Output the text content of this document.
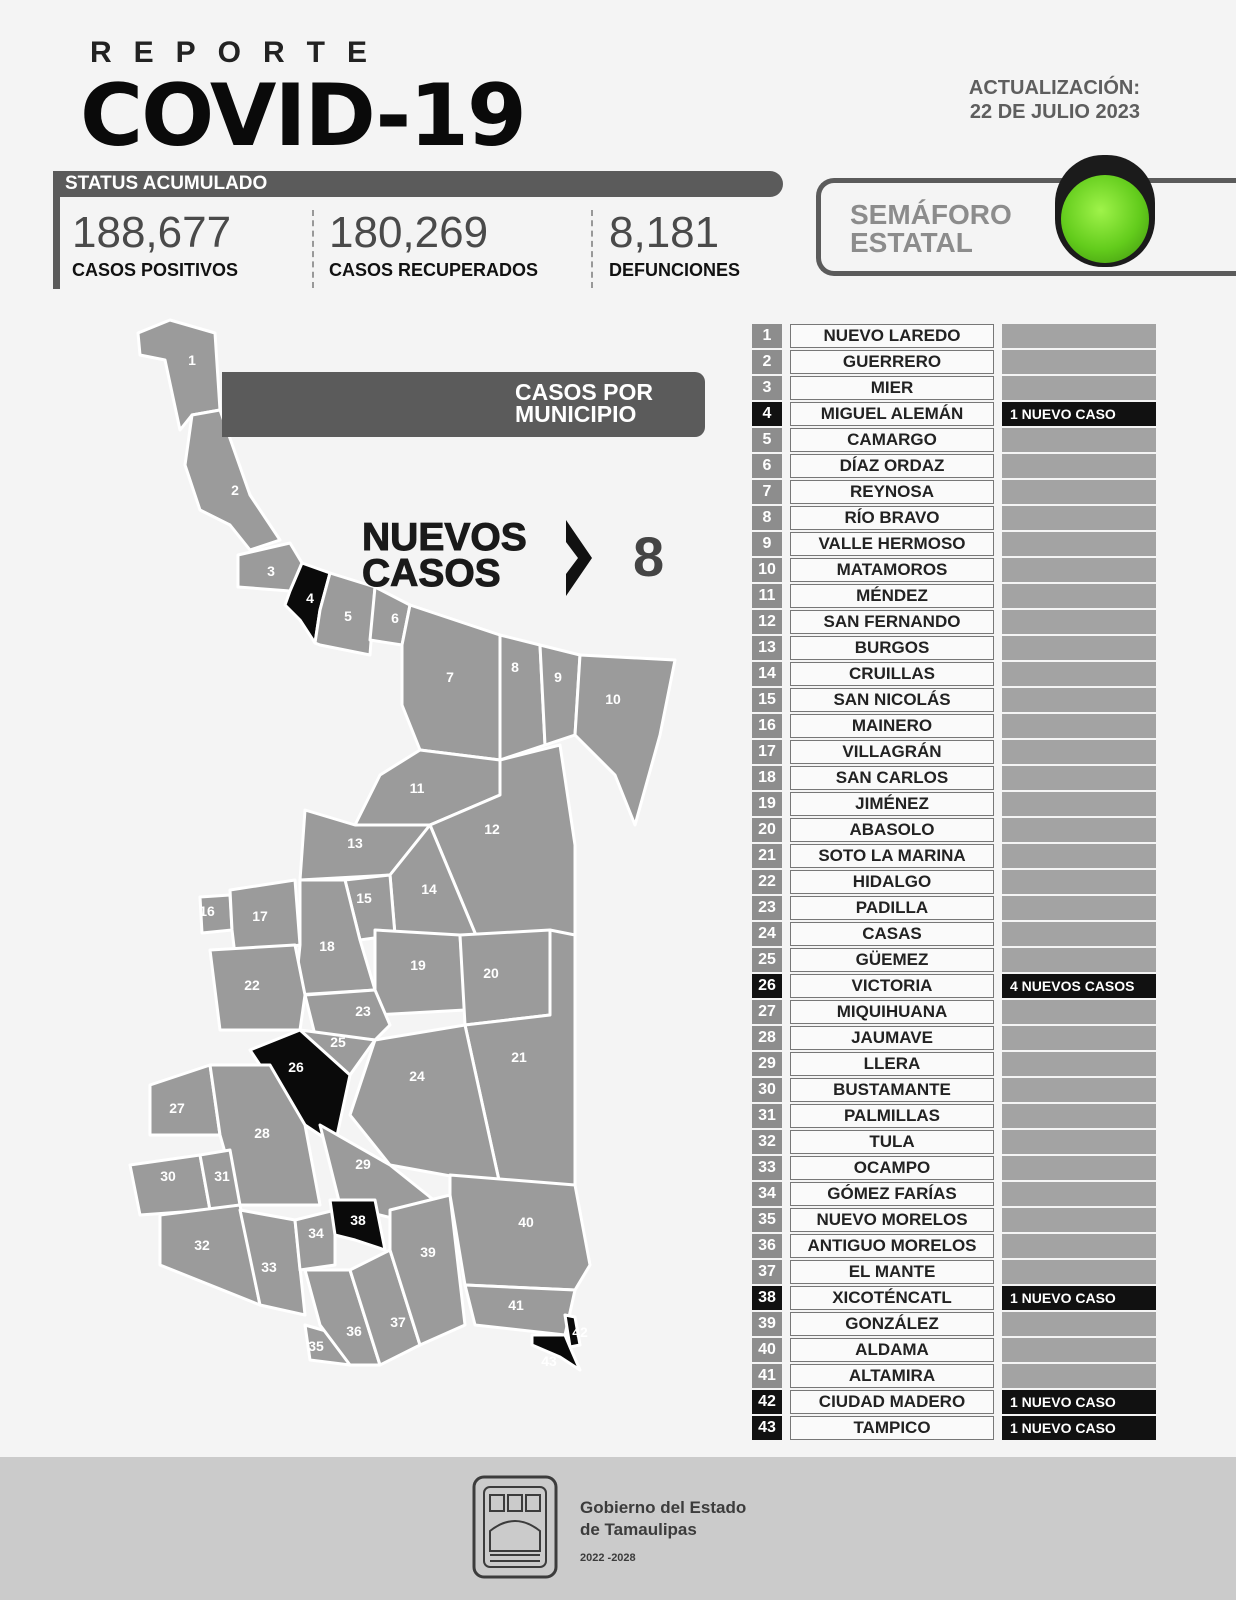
REPORTE
COVID-19	ACTUALIZACIÓN:
22 DE JULIO 2023
STATUS ACUMULADO
188,677
CASOS POSITIVOS
180,269
CASOS RECUPERADOS
8,181
DEFUNCIONES
SEMÁFORO
ESTATAL
1
2
3
4
5	6
7
8
9
10
11
12
13
14
15
16	17
18
19	20
21
22
23
24
25
26
27
28
29
30	31
32
33
34
35
36
37
38
39
40
41
42
43
CASOS POR
MUNICIPIO
NUEVOS
CASOS	8
1	NUEVO LAREDO
2	GUERRERO
3	MIER
4	MIGUEL ALEMÁN	1 NUEVO CASO
5	CAMARGO
6	DÍAZ ORDAZ
7	REYNOSA
8	RÍO BRAVO
9	VALLE HERMOSO
10	MATAMOROS
11	MÉNDEZ
12	SAN FERNANDO
13	BURGOS
14	CRUILLAS
15	SAN NICOLÁS
16	MAINERO
17	VILLAGRÁN
18	SAN CARLOS
19	JIMÉNEZ
20	ABASOLO
21	SOTO LA MARINA
22	HIDALGO
23	PADILLA
24	CASAS
25	GÜEMEZ
26	VICTORIA	4 NUEVOS CASOS
27	MIQUIHUANA
28	JAUMAVE
29	LLERA
30	BUSTAMANTE
31	PALMILLAS
32	TULA
33	OCAMPO
34	GÓMEZ FARÍAS
35	NUEVO MORELOS
36	ANTIGUO MORELOS
37	EL MANTE
38	XICOTÉNCATL	1 NUEVO CASO
39	GONZÁLEZ
40	ALDAMA
41	ALTAMIRA
42	CIUDAD MADERO	1 NUEVO CASO
43	TAMPICO	1 NUEVO CASO
Gobierno del Estado
de Tamaulipas
2022 -2028
